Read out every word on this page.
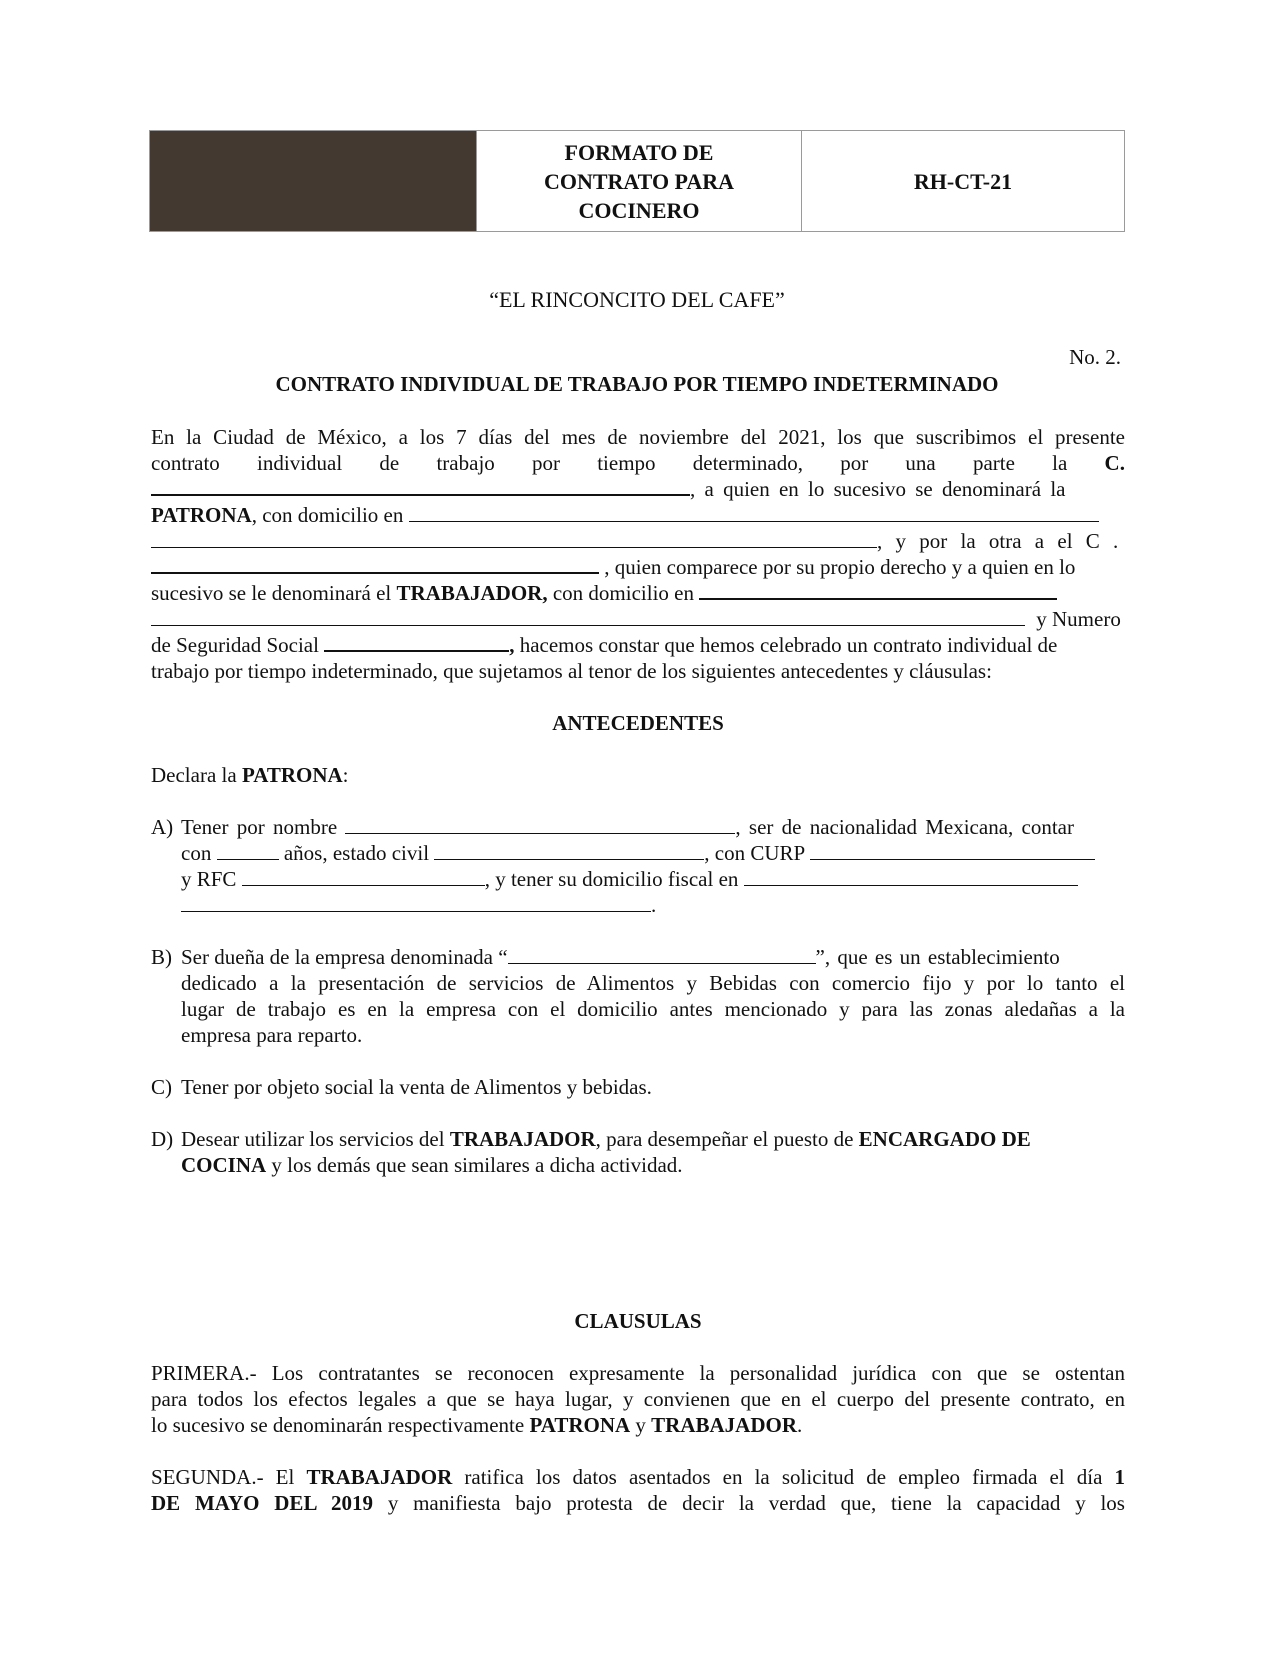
FORMATO DE
CONTRATO PARA
COCINERO
RH-CT-21
“EL RINCONCITO DEL CAFE”
No. 2.
CONTRATO INDIVIDUAL DE TRABAJO POR TIEMPO INDETERMINADO
En la Ciudad de México, a los 7 días del mes de noviembre del 2021, los que suscribimos el presente
contrato individual de trabajo por tiempo determinado, por una parte la C.
, a quien en lo sucesivo se denominará la
PATRONA, con domicilio en
, y por la otra a el C .
, quien comparece por su propio derecho y a quien en lo
sucesivo se le denominará el TRABAJADOR, con domicilio en
y Numero
de Seguridad Social	, hacemos constar que hemos celebrado un contrato individual de
trabajo por tiempo indeterminado, que sujetamos al tenor de los siguientes antecedentes y cláusulas:
ANTECEDENTES
Declara la PATRONA:
A) Tener por nombre	, ser de nacionalidad Mexicana, contar
con	años, estado civil	, con CURP
y RFC	, y tener su domicilio fiscal en
.
B) Ser dueña de la empresa denominada “	”, que es un establecimiento
dedicado a la presentación de servicios de Alimentos y Bebidas con comercio fijo y por lo tanto el
lugar de trabajo es en la empresa con el domicilio antes mencionado y para las zonas aledañas a la
empresa para reparto.
C) Tener por objeto social la venta de Alimentos y bebidas.
D) Desear utilizar los servicios del TRABAJADOR, para desempeñar el puesto de ENCARGADO DE
COCINA y los demás que sean similares a dicha actividad.
CLAUSULAS
PRIMERA.- Los contratantes se reconocen expresamente la personalidad jurídica con que se ostentan
para todos los efectos legales a que se haya lugar, y convienen que en el cuerpo del presente contrato, en
lo sucesivo se denominarán respectivamente PATRONA y TRABAJADOR.
SEGUNDA.- El TRABAJADOR ratifica los datos asentados en la solicitud de empleo firmada el día 1
DE MAYO DEL 2019 y manifiesta bajo protesta de decir la verdad que, tiene la capacidad y los
